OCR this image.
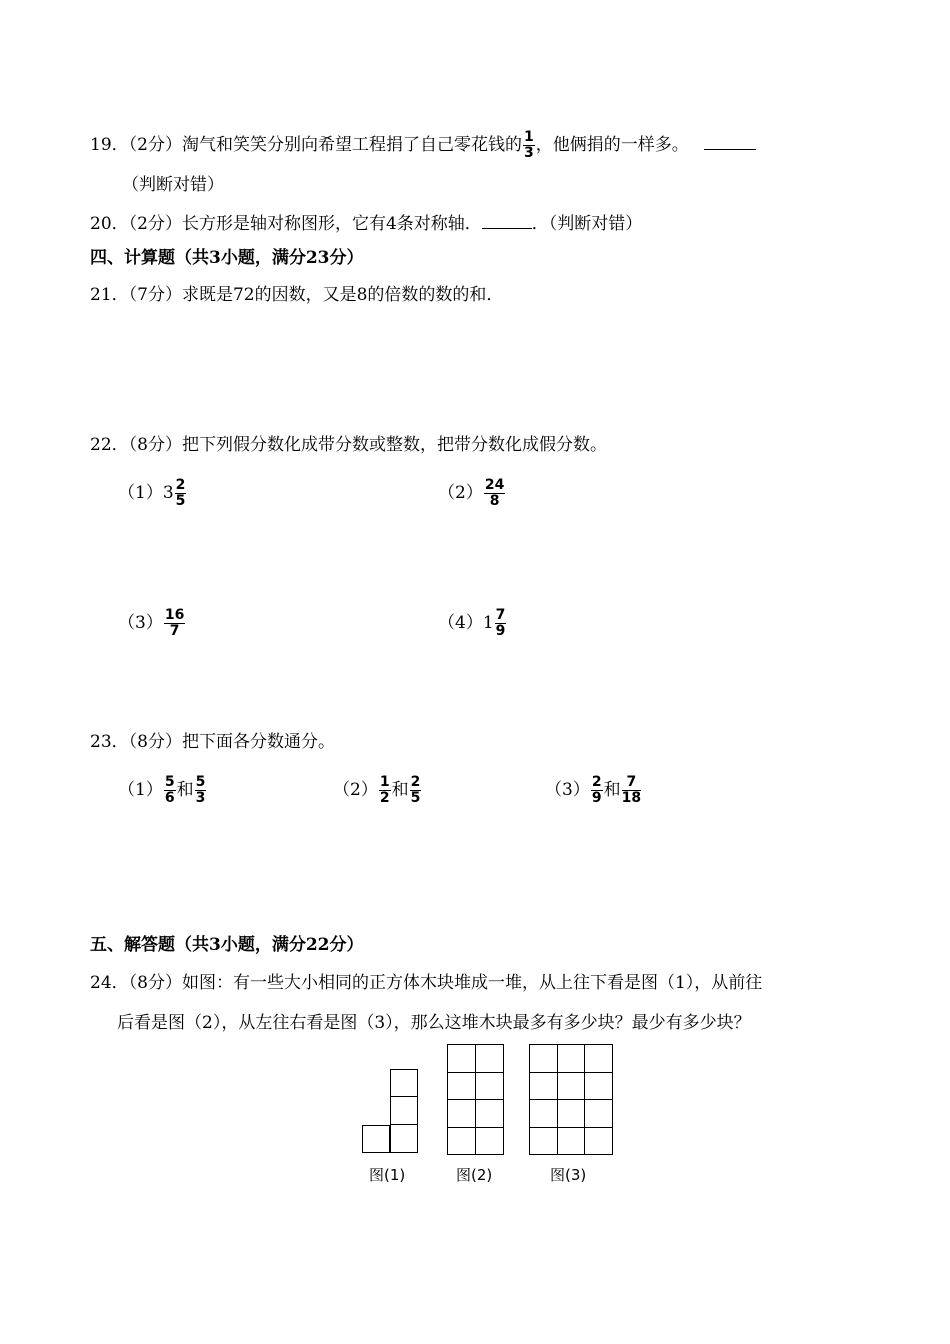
19．（2分）淘气和笑笑分别向希望工程捐了自己零花钱的 $\frac{1}{3}$ ，他俩捐的一样多。
（判断对错）
20．（2分）长方形是轴对称图形，它有4条对称轴．	．（判断对错）
四、计算题（共3小题，满分23分）
21．（7分）求既是72的因数，又是8的倍数的数的和．
22．（8分）把下列假分数化成带分数或整数，把带分数化成假分数。
$(1)3 \frac{2}{5}$	$(2) \frac{24}{8}$
$(3) \frac{16}{7}$	$(4)1 \frac{7}{9}$
23．（8分）把下面各分数通分。
$(1) \frac{5}{6}$ 和 $\frac{5}{3}$	$(2) \frac{1}{2}$ 和 $\frac{2}{5}$	$(3) \frac{2}{9}$ 和 $\frac{7}{18}$
五、解答题（共3小题，满分22分）
24．（8分）如图：有一些大小相同的正方体木块堆成一堆，从上往下看是图（1），从前往
后看是图（2），从左往右看是图（3），那么这堆木块最多有多少块？最少有多少块？
图(1)	图(2)	图(3)
